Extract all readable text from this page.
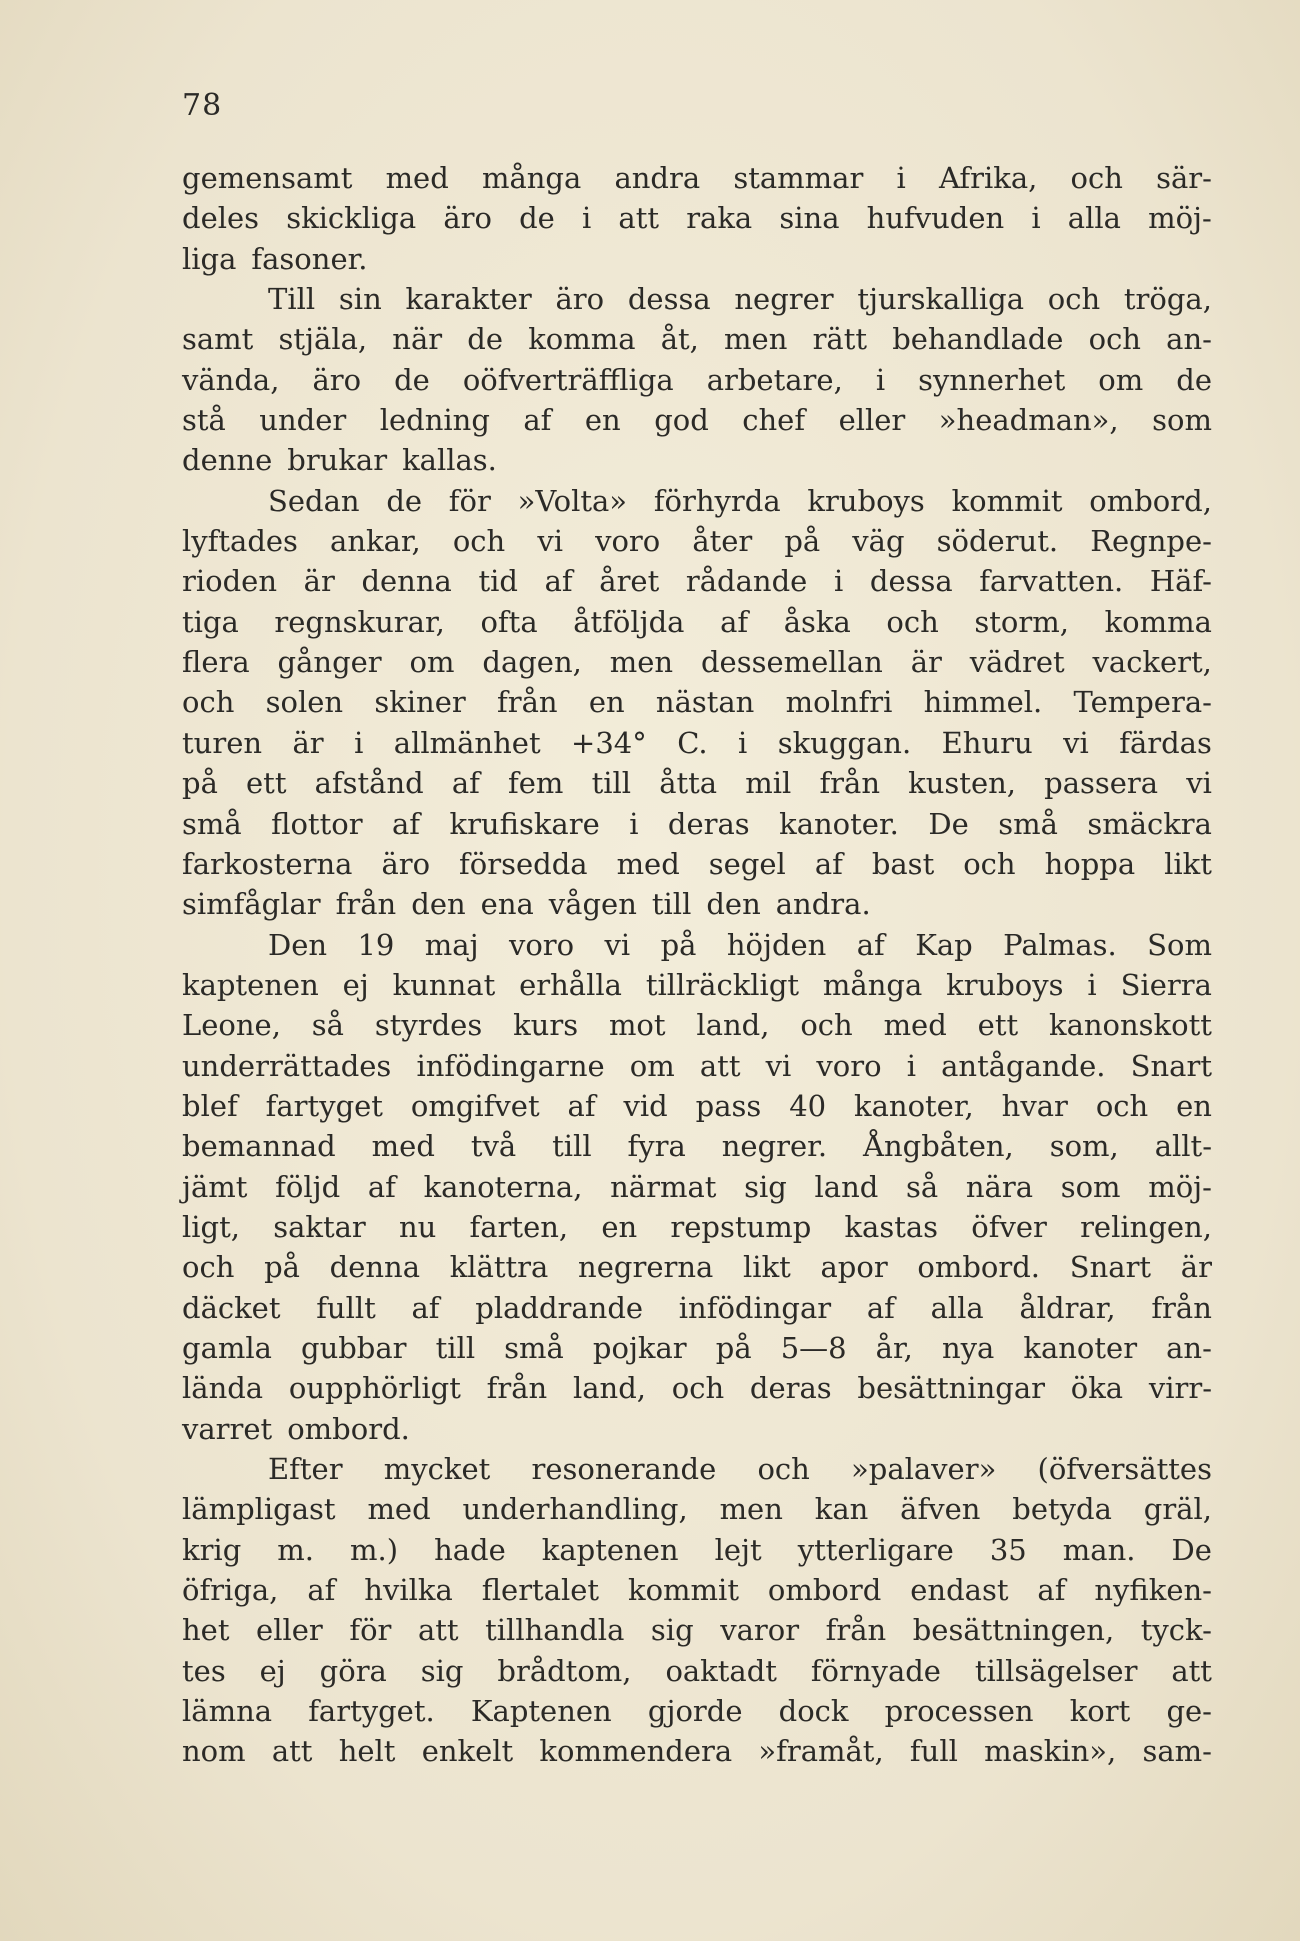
78
gemensamt med många andra stammar i Afrika, och sär-
deles skickliga äro de i att raka sina hufvuden i alla möj-
liga fasoner.
Till sin karakter äro dessa negrer tjurskalliga och tröga,
samt stjäla, när de komma åt, men rätt behandlade och an-
vända, äro de oöfverträffliga arbetare, i synnerhet om de
stå under ledning af en god chef eller »headman», som
denne brukar kallas.
Sedan de för »Volta» förhyrda kruboys kommit ombord,
lyftades ankar, och vi voro åter på väg söderut. Regnpe-
rioden är denna tid af året rådande i dessa farvatten. Häf-
tiga regnskurar, ofta åtföljda af åska och storm, komma
flera gånger om dagen, men dessemellan är vädret vackert,
och solen skiner från en nästan molnfri himmel. Tempera-
turen är i allmänhet +34° C. i skuggan. Ehuru vi färdas
på ett afstånd af fem till åtta mil från kusten, passera vi
små flottor af krufiskare i deras kanoter. De små smäckra
farkosterna äro försedda med segel af bast och hoppa likt
simfåglar från den ena vågen till den andra.
Den 19 maj voro vi på höjden af Kap Palmas. Som
kaptenen ej kunnat erhålla tillräckligt många kruboys i Sierra
Leone, så styrdes kurs mot land, och med ett kanonskott
underrättades infödingarne om att vi voro i antågande. Snart
blef fartyget omgifvet af vid pass 40 kanoter, hvar och en
bemannad med två till fyra negrer. Ångbåten, som, allt-
jämt följd af kanoterna, närmat sig land så nära som möj-
ligt, saktar nu farten, en repstump kastas öfver relingen,
och på denna klättra negrerna likt apor ombord. Snart är
däcket fullt af pladdrande infödingar af alla åldrar, från
gamla gubbar till små pojkar på 5—8 år, nya kanoter an-
lända oupphörligt från land, och deras besättningar öka virr-
varret ombord.
Efter mycket resonerande och »palaver» (öfversättes
lämpligast med underhandling, men kan äfven betyda gräl,
krig m. m.) hade kaptenen lejt ytterligare 35 man. De
öfriga, af hvilka flertalet kommit ombord endast af nyfiken-
het eller för att tillhandla sig varor från besättningen, tyck-
tes ej göra sig brådtom, oaktadt förnyade tillsägelser att
lämna fartyget. Kaptenen gjorde dock processen kort ge-
nom att helt enkelt kommendera »framåt, full maskin», sam-
